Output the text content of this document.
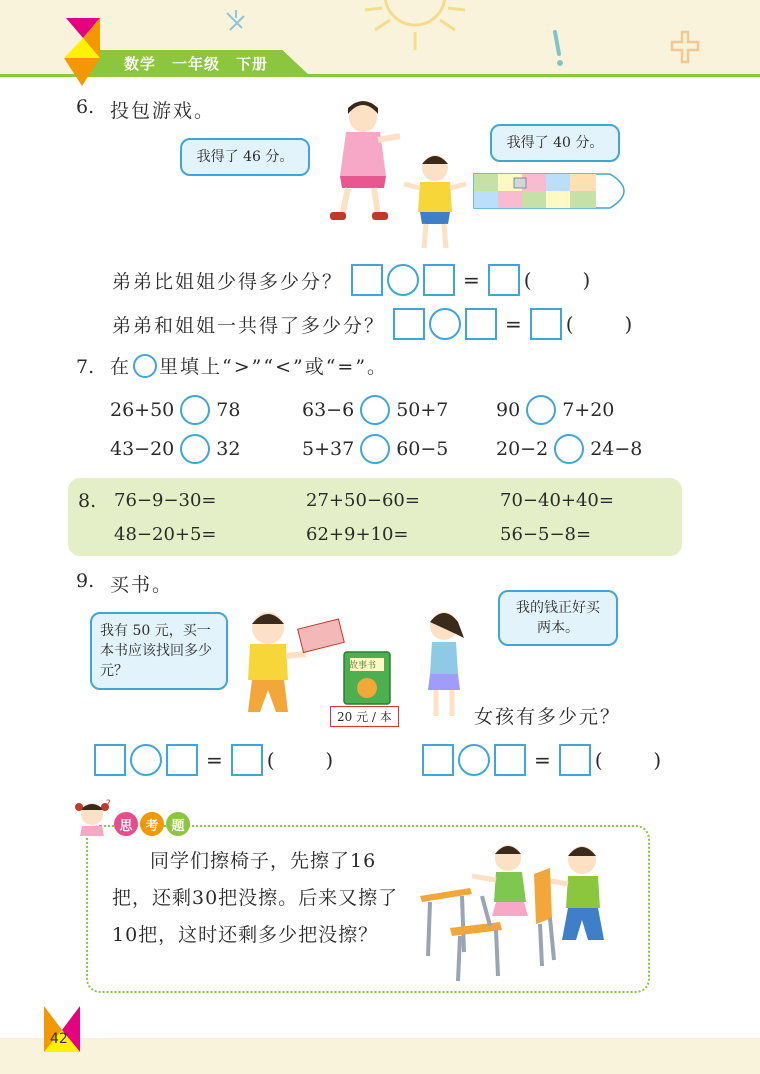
数学　一年级　下册
6. 投包游戏。
我得了 46 分。
我得了 40 分。
弟弟比姐姐少得多少分？	= (        )
弟弟和姐姐一共得了多少分？	= (        )
7. 在 里填上“>”“<”或“=”。
26+50 78	63−6 50+7	90 7+20
43−20 32	5+37 60−5	20−2 24−8
8. 76−9−30=	27+50−60=	70−40+40=
48−20+5=	62+9+10=	56−5−8=
9. 买书。
我有 50 元，买一本书应该找回多少元？
我的钱正好买两本。
故事书
20 元 / 本	女孩有多少元？
= (        )	= (        )
?
思 考 题
同学们擦椅子，先擦了16把，还剩30把没擦。后来又擦了10把，这时还剩多少把没擦？
42
